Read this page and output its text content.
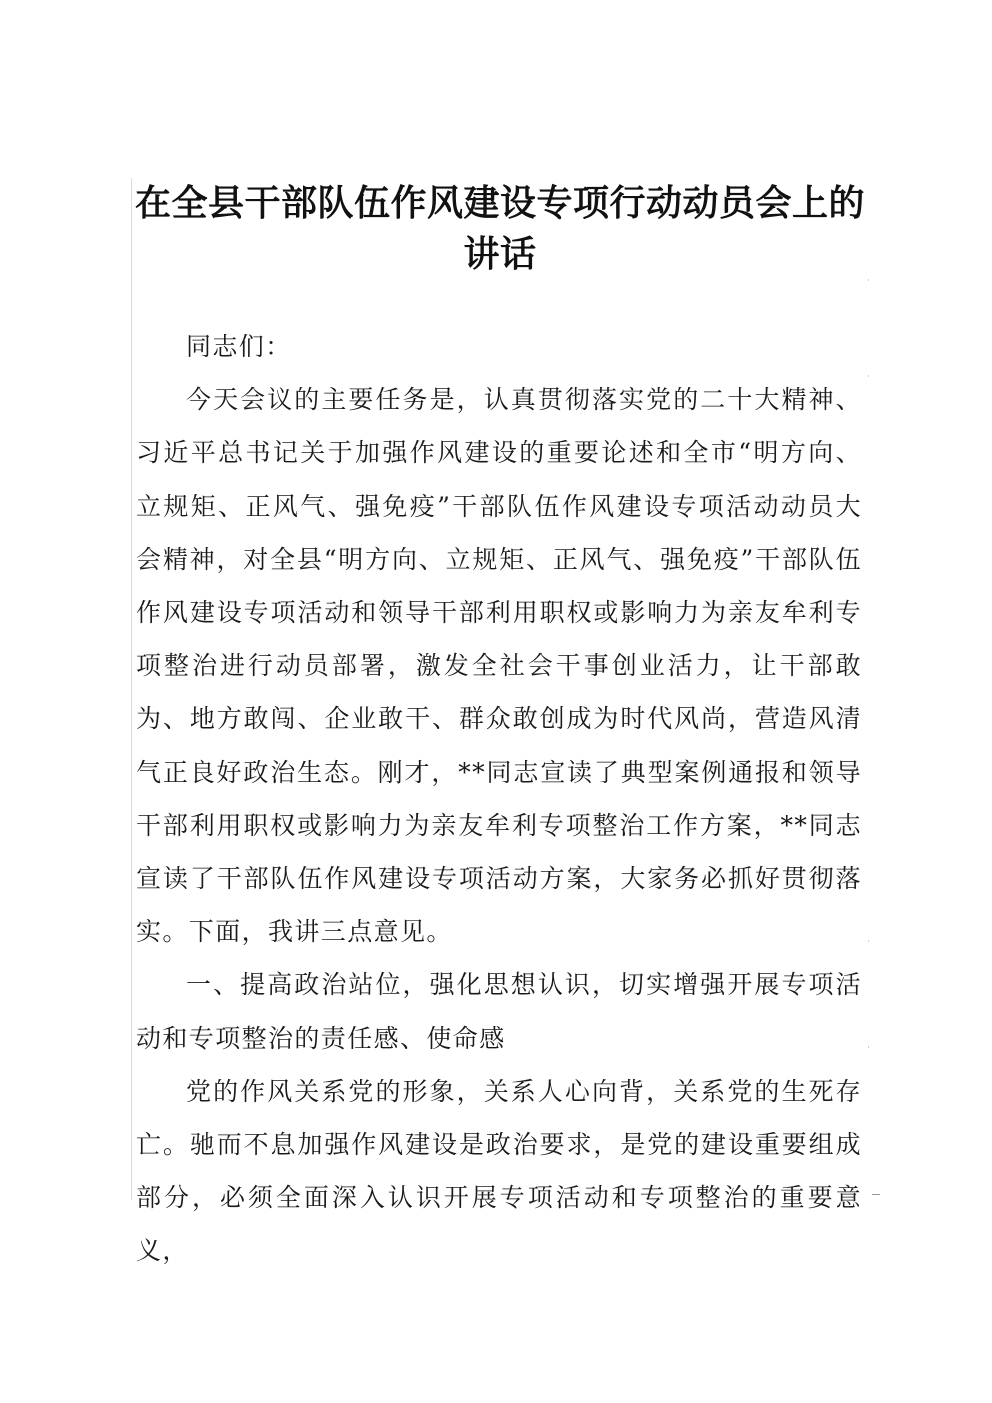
在全县干部队伍作风建设专项行动动员会上的讲话

同志们：

今天会议的主要任务是，认真贯彻落实党的二十大精神、习近平总书记关于加强作风建设的重要论述和全市“明方向、立规矩、正风气、强免疫”干部队伍作风建设专项活动动员大会精神，对全县“明方向、立规矩、正风气、强免疫”干部队伍作风建设专项活动和领导干部利用职权或影响力为亲友牟利专项整治进行动员部署，激发全社会干事创业活力，让干部敢为、地方敢闯、企业敢干、群众敢创成为时代风尚，营造风清气正良好政治生态。刚才，**同志宣读了典型案例通报和领导干部利用职权或影响力为亲友牟利专项整治工作方案，**同志宣读了干部队伍作风建设专项活动方案，大家务必抓好贯彻落实。下面，我讲三点意见。

一、提高政治站位，强化思想认识，切实增强开展专项活动和专项整治的责任感、使命感

党的作风关系党的形象，关系人心向背，关系党的生死存亡。驰而不息加强作风建设是政治要求，是党的建设重要组成部分，必须全面深入认识开展专项活动和专项整治的重要意义，
